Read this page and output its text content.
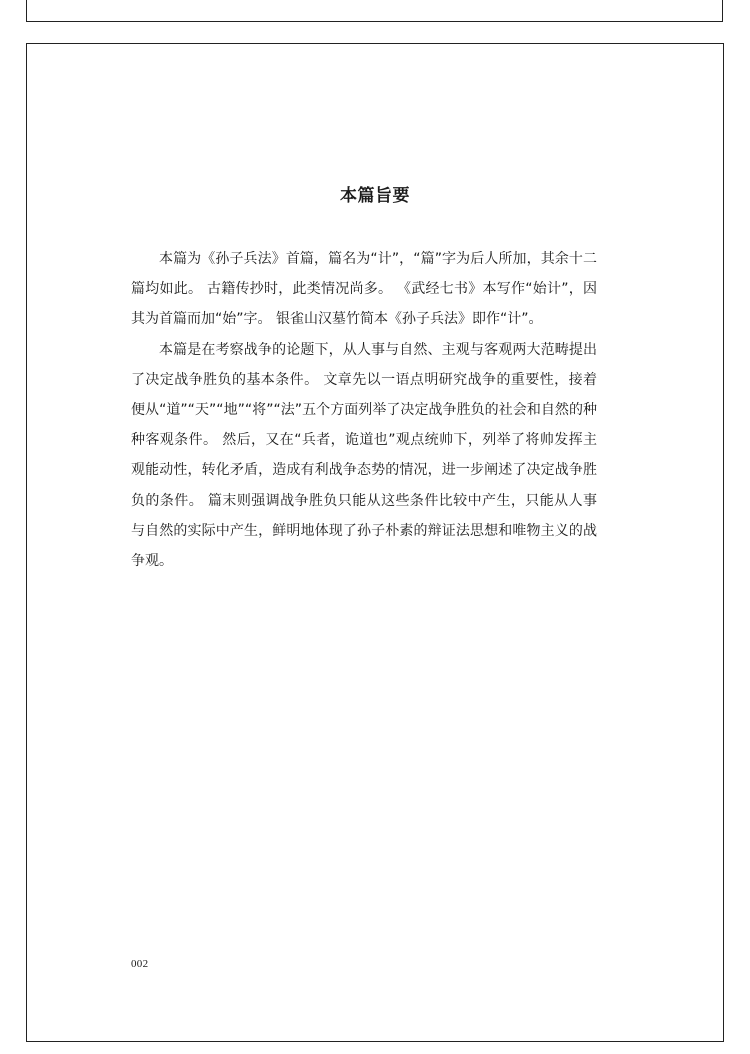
本篇旨要

本篇为《孙子兵法》首篇，篇名为“计”，“篇”字为后人所加，其余十二篇均如此。 古籍传抄时，此类情况尚多。 《武经七书》本写作“始计”，因其为首篇而加“始”字。 银雀山汉墓竹简本《孙子兵法》即作“计”。

本篇是在考察战争的论题下，从人事与自然、主观与客观两大范畴提出了决定战争胜负的基本条件。 文章先以一语点明研究战争的重要性，接着便从“道”“天”“地”“将”“法”五个方面列举了决定战争胜负的社会和自然的种种客观条件。 然后，又在“兵者，诡道也”观点统帅下，列举了将帅发挥主观能动性，转化矛盾，造成有利战争态势的情况，进一步阐述了决定战争胜负的条件。 篇末则强调战争胜负只能从这些条件比较中产生，只能从人事与自然的实际中产生，鲜明地体现了孙子朴素的辩证法思想和唯物主义的战争观。

002
